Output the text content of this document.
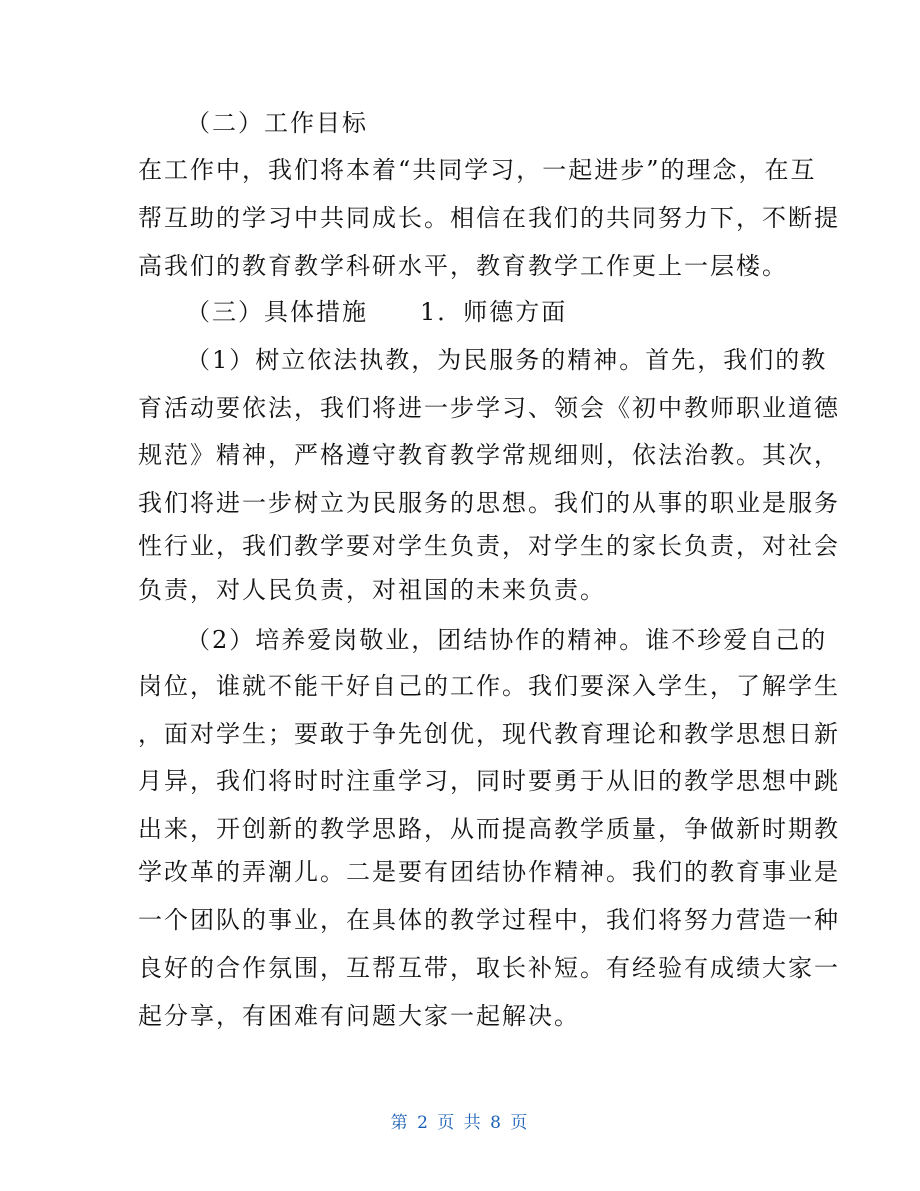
（二）工作目标
在工作中，我们将本着“共同学习，一起进步”的理念，在互
帮互助的学习中共同成长。相信在我们的共同努力下，不断提
高我们的教育教学科研水平，教育教学工作更上一层楼。
（三）具体措施 1．师德方面
（1）树立依法执教，为民服务的精神。首先，我们的教
育活动要依法，我们将进一步学习、领会《初中教师职业道德
规范》精神，严格遵守教育教学常规细则，依法治教。其次，
我们将进一步树立为民服务的思想。我们的从事的职业是服务
性行业，我们教学要对学生负责，对学生的家长负责，对社会
负责，对人民负责，对祖国的未来负责。
（2）培养爱岗敬业，团结协作的精神。谁不珍爱自己的
岗位，谁就不能干好自己的工作。我们要深入学生，了解学生
，面对学生；要敢于争先创优，现代教育理论和教学思想日新
月异，我们将时时注重学习，同时要勇于从旧的教学思想中跳
出来，开创新的教学思路，从而提高教学质量，争做新时期教
学改革的弄潮儿。二是要有团结协作精神。我们的教育事业是
一个团队的事业，在具体的教学过程中，我们将努力营造一种
良好的合作氛围，互帮互带，取长补短。有经验有成绩大家一
起分享，有困难有问题大家一起解决。
第 2 页 共 8 页
